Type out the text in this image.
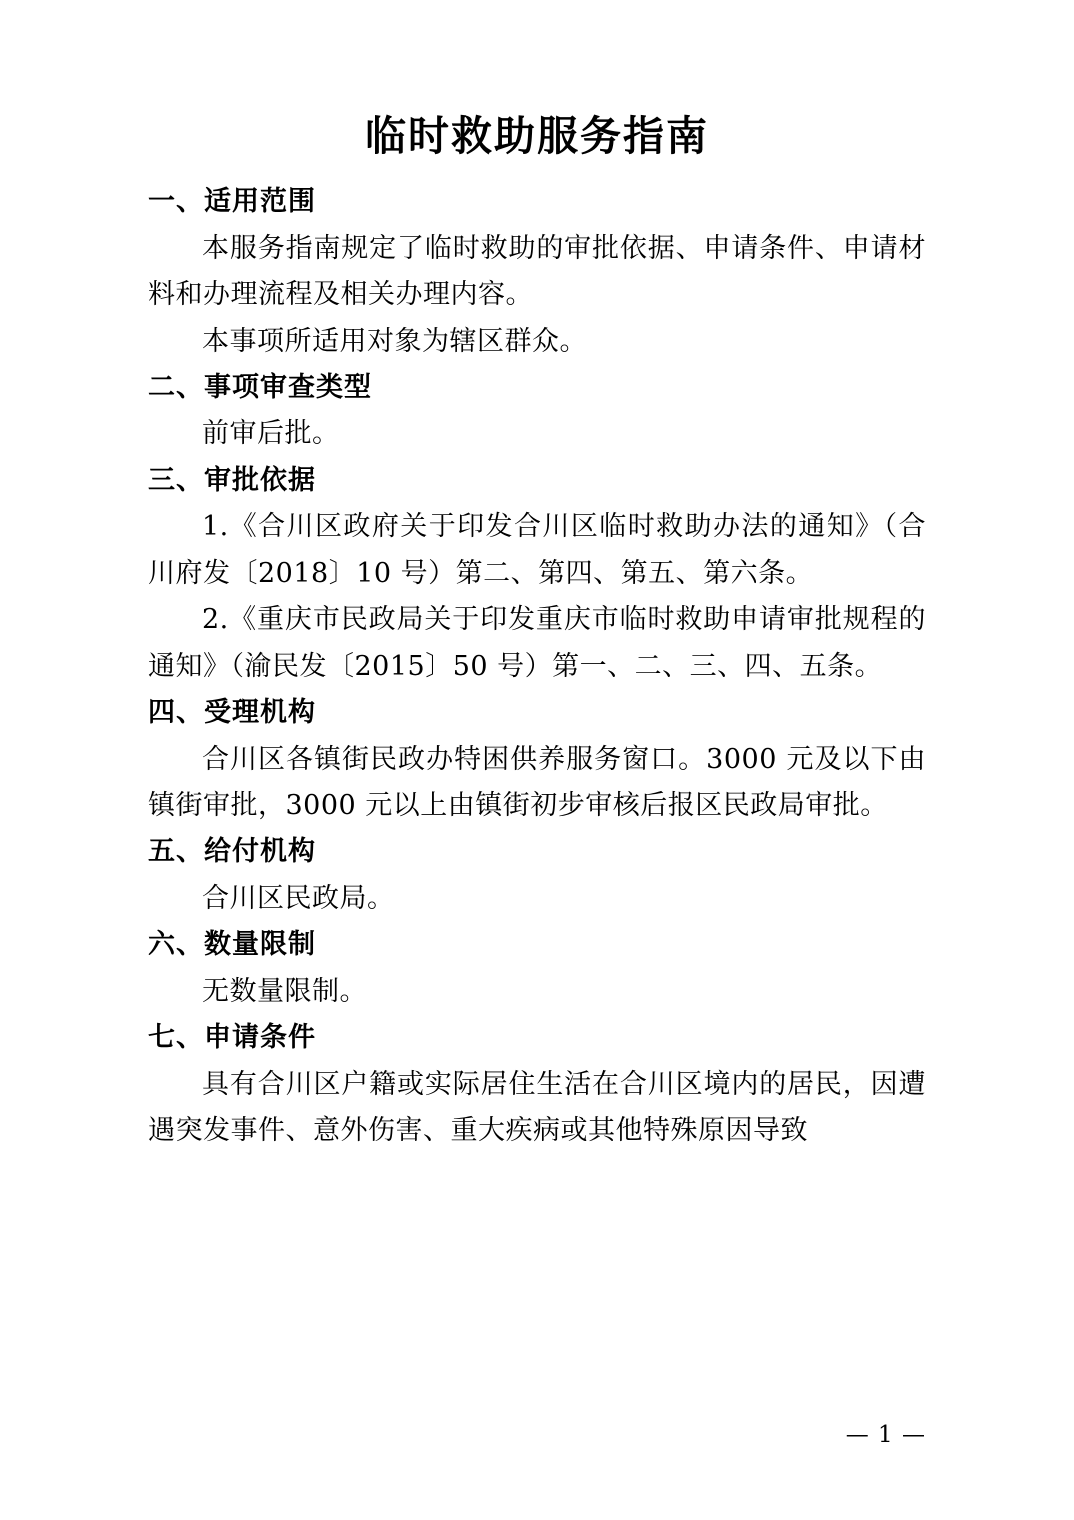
临时救助服务指南
一、适用范围

本服务指南规定了临时救助的审批依据、申请条件、申请材料和办理流程及相关办理内容。

本事项所适用对象为辖区群众。

二、事项审查类型

前审后批。

三、审批依据

1.《合川区政府关于印发合川区临时救助办法的通知》（合川府发〔2018〕10 号）第二、第四、第五、第六条。

2.《重庆市民政局关于印发重庆市临时救助申请审批规程的通知》（渝民发〔2015〕50 号）第一、二、三、四、五条。

四、受理机构

合川区各镇街民政办特困供养服务窗口。3000 元及以下由镇街审批，3000 元以上由镇街初步审核后报区民政局审批。

五、给付机构

合川区民政局。

六、数量限制

无数量限制。

七、申请条件

具有合川区户籍或实际居住生活在合川区境内的居民，因遭遇突发事件、意外伤害、重大疾病或其他特殊原因导致

— 1 —
